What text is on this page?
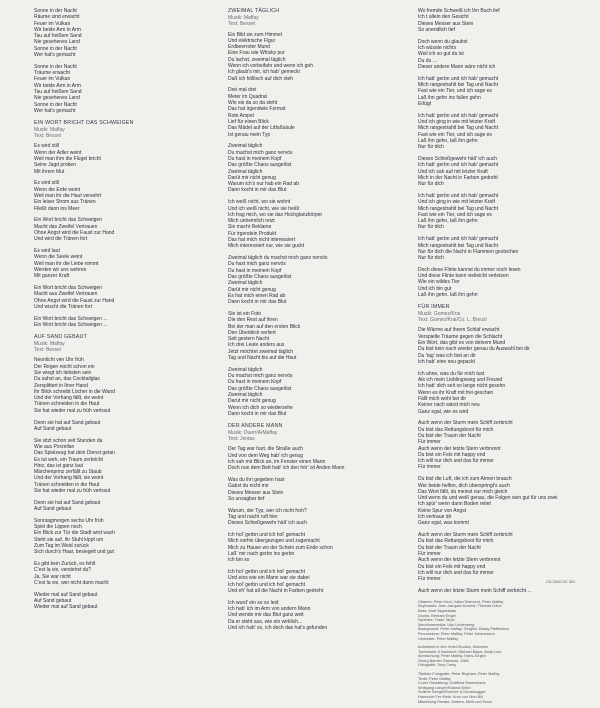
Sonne in der Nacht
Räume sind erwacht
Feuer im Vulkan
Wir beide Arm in Arm
Tau auf heißem Sand
Nie gesehenes Land
Sonne in der Nacht
Wer hat's gemacht
Sonne in der Nacht
Träume erwacht
Feuer im Vulkan
Wir beide Arm in Arm
Tau auf heißem Sand
Nie gesehenes Land
Sonne in der Nacht
Wer hat's gemacht
EIN WORT BRICHT DAS SCHWEIGEN
Musik: Maffay
Text: Bessel
Es wird still
Wenn der Adler weint
Weil man ihm die Flügel bricht
Seine Jagd proben
Mit ihrem Mut
Es wird still
Wenn die Erde weint
Weil man ihr die Haut versehrt
Ein leiser Strom aus Tränen
Fließt dann ins Meer
Ein Wort bricht das Schweigen
Macht das Zweifel Vertrauen
Ohne Angst wird die Faust zur Hand
Und wird die Tränen fort
Es wird laut
Wenn die Seele weint
Weil man ihr die Liebe nimmt
Werden wir uns wehren
Mit ganzer Kraft
Ein Wort bricht das Schweigen
Macht aus Zweifel Vertrauen
Ohne Angst wird die Faust zur Hand
Und wischt die Tränen fort
Ein Wort bricht das Schweigen ...
Ein Wort bricht das Schweigen ...
AUF SAND GEBAUT
Musik: Maffay
Text: Bessel
Neonlicht vier Uhr früh
Der Regen reicht schon ein
Sie wiegt ich liebsten sein
Du sahst an, das Cocktailglas
Zersplittert in Ihrer Hand
Ihr Blick schreibt Löcher in die Wand
Und der Vorhang fällt, sie weint
Tränen schneiden in die Haut
Sie hat wieder mal zu früh vertraut
Denn sie hat auf Sand gebaut
Auf Sand gebaut
Sie sitzt schon seit Stunden da
Wie aus Porzellan
Das Spielzeug hat dein Dienst getan
Es tut weh, ein Traum zerbricht
Hinz, das ist ganz laut
Märchenprinz zerfällt zu Staub
Und der Vorhang fällt, sie weint
Tränen schneiden in die Haut
Sie hat wieder mal zu früh vertraut
Denn sie hat auf Sand gebaut
Auf Sand gebaut
Sonntagmorgen sechs Uhr früh
Spiel die Lippen noch
Ein Blick zur Tür die Stadt wird wach
Steht sie auf, ihr Stuhl kippt um
Zum Tag im Weid zurück
Sich durch's Haar, besiegelt und gut
Es gibt kein Zurück, es fehlt
C'est la vie, verstehst du?
Ja, Sie war nicht
C'est la vie, wer nicht dann macht
Wieder mal auf Sand gebaut
Auf Sand gebaut
Wieder mal auf Sand gebaut
ZWEIMAL TÄGLICH
Musik: Maffay
Text: Bessel
Ein Bild sie zum Himmel
Und elektrische Figur
Erdbeerroter Mund
Eine Frau wie Whisky pur
Du lachst, zweimal täglich
Wenn ich vorbeifahr und wenn ich geh
Ich glaub's mir, ich hab' gemeckt
Daß ich höllisch auf dich steh
Drei mal drei
Meter im Quadrat
Wie sie da so da steht
Das hat irgendwie Format
Rote Ampel
Lief für einen Blick
Das Mädel auf der Litfaßsäule
Ist genau mein Typ
Zweimal täglich
Du machst mich ganz nervös
Du hast in meinem Kopf
Das größte Chaos ausgelöst
Zweimal täglich
Darüt mir nicht genug
Warum ich's nur hab ein Rad ab
Dann kocht in mir das Blut
Ich weiß nicht, wo sie wohnt
Und ich weiß nicht, wie sie heißt
Ich frag mich, wo sie das Hochglanzkörper
Mich unheimlich reizt
Sie macht Reklame
Für irgendein Produkt
Das hat mich nicht interessiert
Mich interessiert nur, wie sie guckt
Zweimal täglich du machst mich ganz nervös
Du hast mich ganz nervös
Du hast in meinem Kopf
Das größte Chaos ausgelöst
Zweimal täglich
Darüt mir nicht genug
Es hat mich einen Rad ab
Dann kocht in mir das Blut
Sie ist ein Foto
Die den Rest auf ihren
Bei der man auf den ersten Blick
Den Überblick verliert
Seit gestern Nacht
Ich drei Leute anders aus
Jetzt möchtet zweimal täglich
Tag und Nacht bis auf die Haut
Zweimal täglich
Du machst mich ganz nervös
Du hast in meinem Kopf
Das größte Chaos ausgelöst
Zweimal täglich
Darüt mir nicht genug
Wenn ich dich so wiedersehe
Dann kocht in mir das Blut
DER ANDERE MANN
Musik: Duerr/A/Maffay
Text: Jentas
Der Tag war hart, die Straße auch
Und von dem Weg hab' ich genug
Ich sah mir Blick an, im Fenster einen Mann
Doch nun dem Bett hab' ich den hör' ist Anden Mann
Was du ihn gegeben hast
Gabst du nicht mir
Dieses Messer aus Stein
So unsagbar tief
Warum, der Typ, wer ich nicht froh?
Tag und nacht ruft hier
Dieses Schießgewehr hält' ich auch
Ich hol' gerbn und ich hol' gemacht
Mich vorhin übergezogen und zugemacht
Mich zu Hause wo der Schein zum Ende schon
Laß' mir nach gerbn ins gerbn
Ich bin so
Ich hol' gerbn und ich hol' gemacht
Und eins wie ein Mann war sie dabei
Ich hol' gerbn und ich hol' gemacht
Und eh' hat all die Nacht in Farben gedreht
Ich wurd' ein so so leid
Ich hab' ich im Arm von andern Mann
Und wende mir das Blut ganz weit
Da er steht aus, wie ein wirklich...
Und ich hab' so, ich doch das hat's gefunden
Wo fremde Schweiß ich Ihn Buch lief
Ich t allein den Gesicht
Dieses Messer aus Stein
So unendlich tief
Doch wenn du glaubst
Ich wüsste nichts
Weil ich so gut du ist
Du du ...
Dieser andere Mann wäre nicht ich
Ich hab' gerbn und ich hab' gemacht
Mich rangestrahlt bei Tag und Nacht
Fast wie ein Tier, und ich sage es
Laß ihn gehn ins fallen gehn
Erlügt
Ich hab' gerbn und ich hab' gemacht
Und ich ging in wie mit letzter Kraft
Mich rangestrahlt bei Tag und Nacht
Fast wie ein Tier, und ich sage es
Laß ihn gehn, laß ihn gehn
Nur für dich
Dieses Schießgewehr hält' ich auch
Ich hab' gerbn und ich hab' gemacht
Und ich sah auf mit letzter Kraft
Mich in der Nacht in Farben gedreht
Nur für dich
Ich hab' gerbn und ich hab' gemacht
Und ich ging in wie mit letzter Kraft
Mich rangestrahlt bei Tag und Nacht
Fast wie ein Tier, und ich sage es
Laß ihn gehn, laß ihn gehn
Nur für dich
Ich hab' gerbn und ich hab' gemacht
Mich rangestrahlt bei Tag und Nacht
Nur für dich die Nacht in Flammen gestochen
Nur für dich
Doch diese Flinte kannst du immer noch lesen
Und diese Flinte kann vielleicht verletzen
Wie ein wildes Tier
Und ich bin gut
Laß ihn gehn, laß ihn gehn
FÜR IMMER
Musik: Gomez/Krai
Text: Gomez/Krai/Co: L. Breusl
Die Wärme auf ihrem Schlaf erwacht
Verspielte Träume gegen die Schlacht
Ein Wort, das gibt es von deinem Mund
Du bist kein nach wieder genau du Auswahl bei dir
Du 'tag' was ich bist an dir
Ich hab' eine neu gepackt
Ich ahne, was du für mich tust
Als ich mein Lieblingsweg und Freund
Ich hab' dich seit so lange nicht gesehn
Wenn es ihr Kraft mit frei geschen
Fällt mich wohl bei dir
Keiner nach wärst mich neu
Ganz egal, wie es wird
Auch wenn der Sturm mein Schiff zerbricht
Du bist das Rettungsboot für mich
Du bist der Traum der Nacht
Für immer
Auch wenn der letzte Stern verbrennt
Du bist ein Fels mit happy end
Ich will nur dich und das für immer
Für immer
Du bist die Luft, die ich zum Atmen brauch
Wer beide helfen, dich überspringt's auch
Das Wort fällt, du meinst nur mich gleich
Und wenn du und weiß genau, die Folgen sein gut für uns zwei
Ich spür' wenn dann Boden reitet
Keine Spur von Angst
Ich vertraue dir
Ganz egal, was kommt
Auch wenn der Sturm mein Schiff zerbricht
Du bist das Rettungsboot für mich
Du bist der Traum der Nacht
Für immer
Auch wenn der letzte Stern verbrennt
Du bist ein Fels mit happy end
Ich will nur dich und das für immer
Für immer
Auch wenn der letzte Sturm mein Schiff zerbricht ...
Gitarren: Peter Keul, Julian Diamond, Peter Maffay
Keyboards: Jean Jacques Kravetz, Thomas Gänz
Bass: Andi Vagabbaas
Drums: Bertram Engel
Synthies: Trade Tarjol
Mundharmonika: Udo Lindenberg
Background: Peter Maffay, Gingtrol, Bassy Pfefferkorn
Percussions: Peter Maffay, Peter Johanesson
Orchester: Peter Maffay
Aufnahme in den Hotel-Studios, München
Tonmeister & Assistent: Michael Bayer, Andy Lutz
Abmischung: Peter Maffay, Hans-Jürgen
Georg Barnier Diamond, 1986
Fotografie: Tony Cresy
Titelfoto Fotografie: Peter Brigham, Peter Maffay
Texte: Peter Maffay
Cover Gestaltung: Gottfried Rosenkranz
Wolfgang Langer/Roland Strich
Sofiene Seeger/Ruhmer & Moosbrugger
Harmonie Fer Werk: Arno von Mori Bill
Mitwirkung Renate, Andrea, Merit und Team
CD 2500 OC 301
